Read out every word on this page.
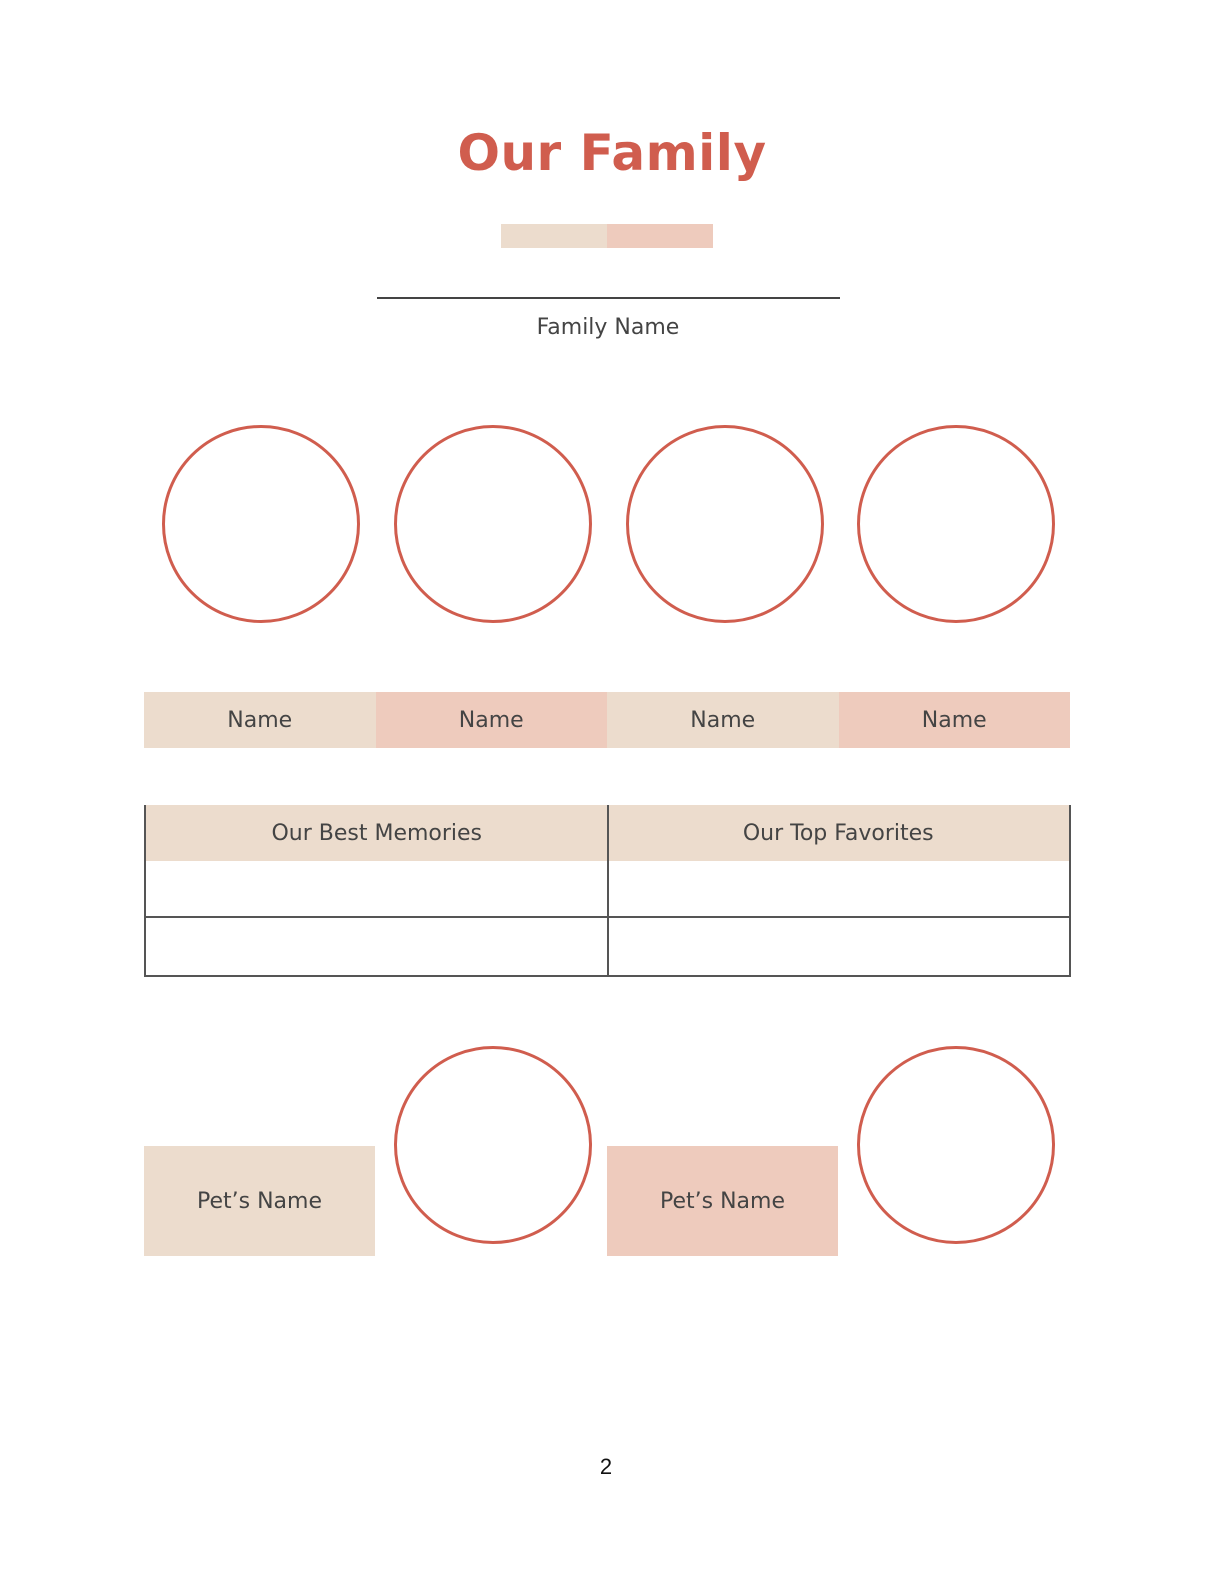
Our Family
Family Name
Name	Name	Name	Name
Our Best Memories	Our Top Favorites
Pet’s Name	Pet’s Name
2
